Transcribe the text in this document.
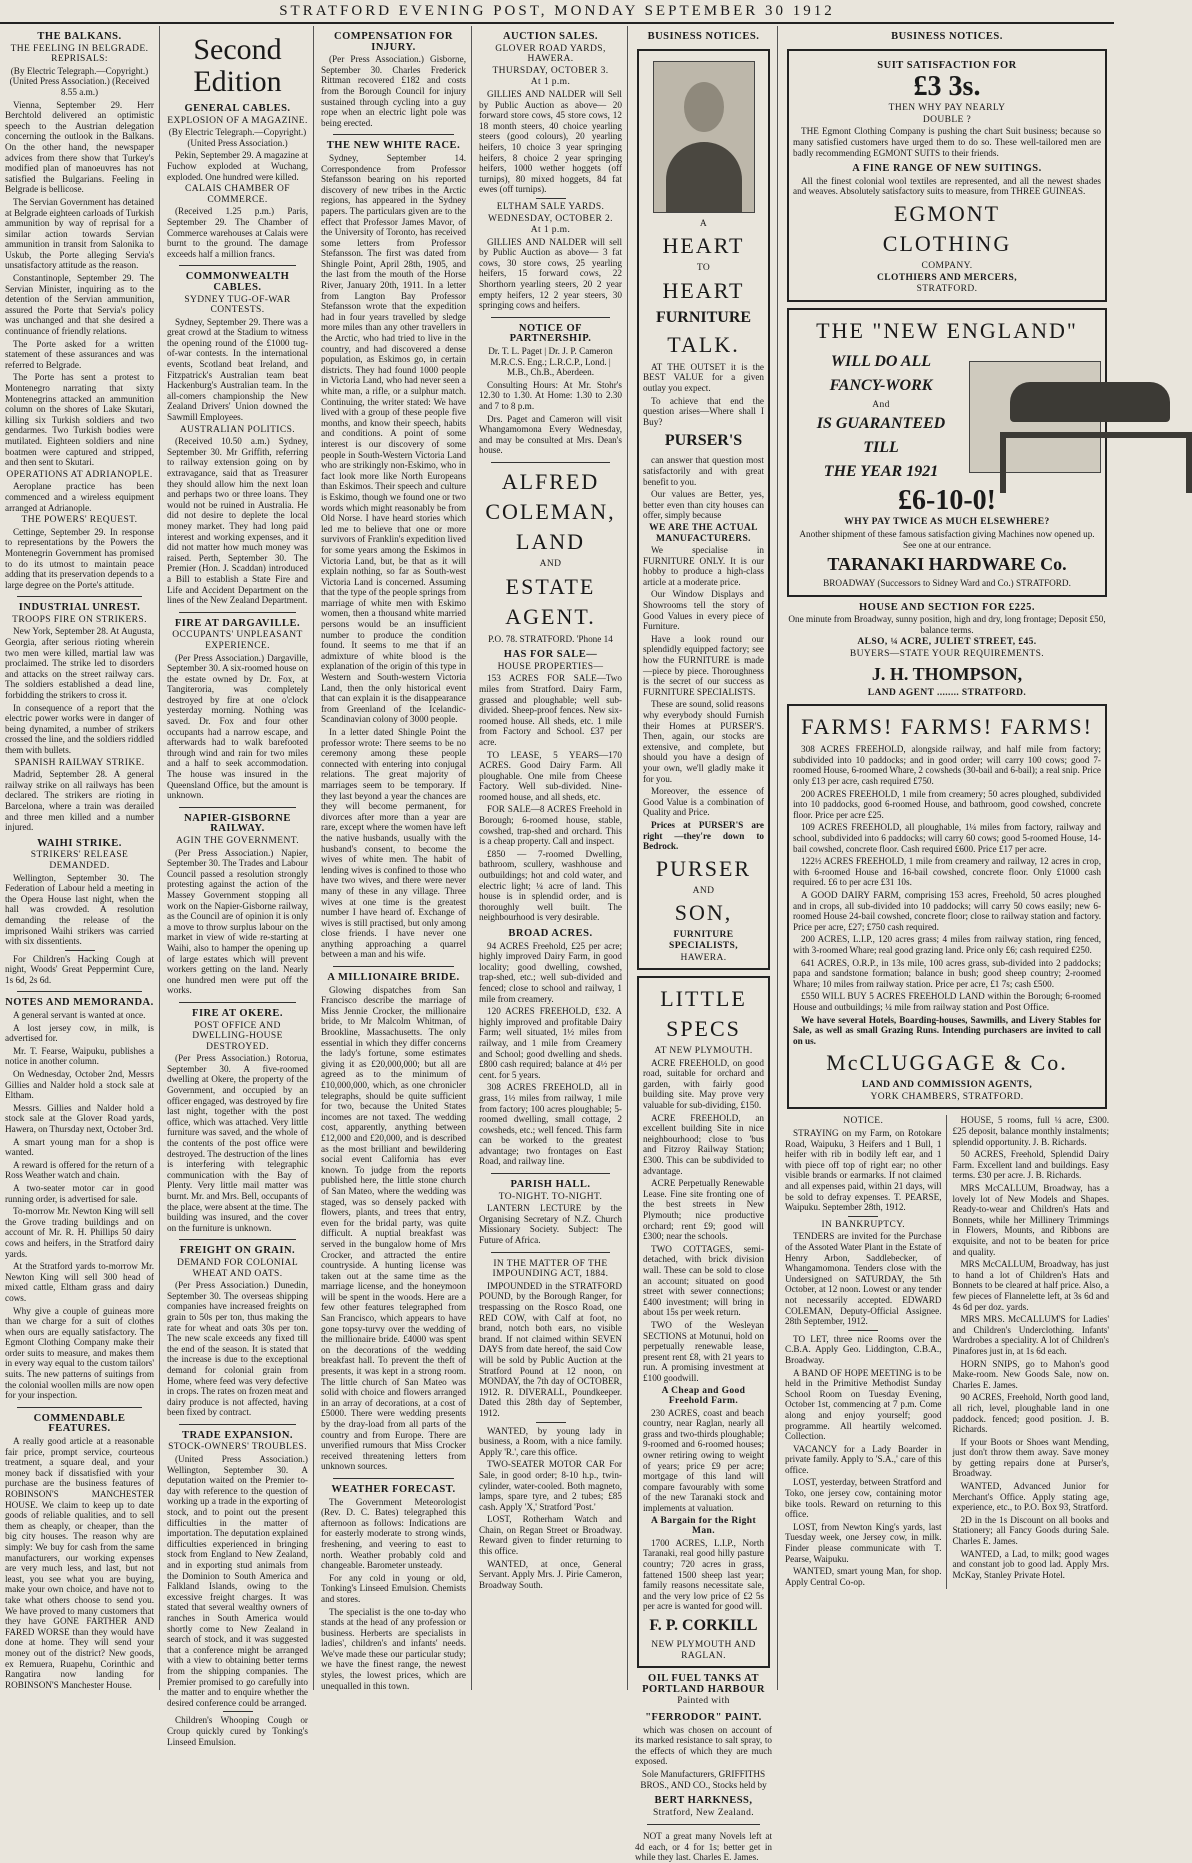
STRATFORD EVENING POST, MONDAY SEPTEMBER 30 1912
THE BALKANS.
THE FEELING IN BELGRADE. REPRISALS:

(By Electric Telegraph.—Copyright.) (United Press Association.) (Received 8.55 a.m.)

Vienna, September 29. Herr Berchtold delivered an optimistic speech to the Austrian delegation concerning the outlook in the Balkans. On the other hand, the newspaper advices from there show that Turkey's modified plan of manoeuvres has not satisfied the Bulgarians. Feeling in Belgrade is bellicose.

The Servian Government has detained at Belgrade eighteen carloads of Turkish ammunition by way of reprisal for a similar action towards Servian ammunition in transit from Salonika to Uskub, the Porte alleging Servia's unsatisfactory attitude as the reason.

Constantinople, September 29. The Servian Minister, inquiring as to the detention of the Servian ammunition, assured the Porte that Servia's policy was unchanged and that she desired a continuance of friendly relations.

The Porte asked for a written statement of these assurances and was referred to Belgrade.

The Porte has sent a protest to Montenegro narrating that sixty Montenegrins attacked an ammunition column on the shores of Lake Skutari, killing six Turkish soldiers and two gendarmes. Two Turkish bodies were mutilated. Eighteen soldiers and nine boatmen were captured and stripped, and then sent to Skutari.

OPERATIONS AT ADRIANOPLE.

Aeroplane practice has been commenced and a wireless equipment arranged at Adrianople.

THE POWERS' REQUEST.

Cettinge, September 29. In response to representations by the Powers the Montenegrin Government has promised to do its utmost to maintain peace adding that its preservation depends to a large degree on the Porte's attitude.

INDUSTRIAL UNREST.
TROOPS FIRE ON STRIKERS.

New York, September 28. At Augusta, Georgia, after serious rioting wherein two men were killed, martial law was proclaimed. The strike led to disorders and attacks on the street railway cars. The soldiers established a dead line, forbidding the strikers to cross it.

In consequence of a report that the electric power works were in danger of being dynamited, a number of strikers crossed the line, and the soldiers riddled them with bullets.

SPANISH RAILWAY STRIKE.

Madrid, September 28. A general railway strike on all railways has been declared. The strikers are rioting in Barcelona, where a train was derailed and three men killed and a number injured.

WAIHI STRIKE.
STRIKERS' RELEASE DEMANDED.

Wellington, September 30. The Federation of Labour held a meeting in the Opera House last night, when the hall was crowded. A resolution demanding the release of the imprisoned Waihi strikers was carried with six dissentients.

For Children's Hacking Cough at night, Woods' Great Peppermint Cure, 1s 6d, 2s 6d.

NOTES AND MEMORANDA.

A general servant is wanted at once.

A lost jersey cow, in milk, is advertised for.

Mr. T. Fearse, Waipuku, publishes a notice in another column.

On Wednesday, October 2nd, Messrs Gillies and Nalder hold a stock sale at Eltham.

Messrs. Gillies and Nalder hold a stock sale at the Glover Road yards, Hawera, on Thursday next, October 3rd.

A smart young man for a shop is wanted.

A reward is offered for the return of a Ross Weather watch and chain.

A two-seater motor car in good running order, is advertised for sale.

To-morrow Mr. Newton King will sell the Grove trading buildings and on account of Mr. R. H. Phillips 50 dairy cows and heifers, in the Stratford dairy yards.

At the Stratford yards to-morrow Mr. Newton King will sell 300 head of mixed cattle, Eltham grass and dairy cows.

Why give a couple of guineas more than we charge for a suit of clothes when ours are equally satisfactory. The Egmont Clothing Company make their order suits to measure, and makes them in every way equal to the custom tailors' suits. The new patterns of suitings from the colonial woollen mills are now open for your inspection.

COMMENDABLE FEATURES.

A really good article at a reasonable fair price, prompt service, courteous treatment, a square deal, and your money back if dissatisfied with your purchase are the business features of ROBINSON'S MANCHESTER HOUSE. We claim to keep up to date goods of reliable qualities, and to sell them as cheaply, or cheaper, than the big city houses. The reason why are simply: We buy for cash from the same manufacturers, our working expenses are very much less, and last, but not least, you see what you are buying, make your own choice, and have not to take what others choose to send you. We have proved to many customers that they have GONE FARTHER AND FARED WORSE than they would have done at home. They will send your money out of the district? New goods, ex Remuera, Ruapehu, Corinthic and Rangatira now landing for ROBINSON'S Manchester House.

Second Edition
GENERAL CABLES.
EXPLOSION OF A MAGAZINE.

(By Electric Telegraph.—Copyright.) (United Press Association.)

Pekin, September 29. A magazine at Fuchow exploded at Wuchang, exploded. One hundred were killed.

CALAIS CHAMBER OF COMMERCE.

(Received 1.25 p.m.) Paris, September 29. The Chamber of Commerce warehouses at Calais were burnt to the ground. The damage exceeds half a million francs.

COMMONWEALTH CABLES.
SYDNEY TUG-OF-WAR CONTESTS.

Sydney, September 29. There was a great crowd at the Stadium to witness the opening round of the £1000 tug-of-war contests. In the international events, Scotland beat Ireland, and Fitzpatrick's Australian team beat Hackenburg's Australian team. In the all-comers championship the New Zealand Drivers' Union downed the Sawmill Employees.

AUSTRALIAN POLITICS.

(Received 10.50 a.m.) Sydney, September 30. Mr Griffith, referring to railway extension going on by extravagance, said that as Treasurer they should allow him the next loan and perhaps two or three loans. They would not be ruined in Australia. He did not desire to deplete the local money market. They had long paid interest and working expenses, and it did not matter how much money was raised. Perth, September 30. The Premier (Hon. J. Scaddan) introduced a Bill to establish a State Fire and Life and Accident Department on the lines of the New Zealand Department.

FIRE AT DARGAVILLE.
OCCUPANTS' UNPLEASANT EXPERIENCE.

(Per Press Association.) Dargaville, September 30. A six-roomed house on the estate owned by Dr. Fox, at Tangiteroria, was completely destroyed by fire at one o'clock yesterday morning. Nothing was saved. Dr. Fox and four other occupants had a narrow escape, and afterwards had to walk barefooted through wind and rain for two miles and a half to seek accommodation. The house was insured in the Queensland Office, but the amount is unknown.

NAPIER-GISBORNE RAILWAY.
AGIN THE GOVERNMENT.

(Per Press Association.) Napier, September 30. The Trades and Labour Council passed a resolution strongly protesting against the action of the Massey Government stopping all work on the Napier-Gisborne railway, as the Council are of opinion it is only a move to throw surplus labour on the market in view of wide re-starting at Waihi, also to hamper the opening up of large estates which will prevent workers getting on the land. Nearly one hundred men were put off the works.

FIRE AT OKERE.
POST OFFICE AND DWELLING-HOUSE DESTROYED.

(Per Press Association.) Rotorua, September 30. A five-roomed dwelling at Okere, the property of the Government, and occupied by an officer engaged, was destroyed by fire last night, together with the post office, which was attached. Very little furniture was saved, and the whole of the contents of the post office were destroyed. The destruction of the lines is interfering with telegraphic communication with the Bay of Plenty. Very little mail matter was burnt. Mr. and Mrs. Bell, occupants of the place, were absent at the time. The building was insured, and the cover on the furniture is unknown.

FREIGHT ON GRAIN.
DEMAND FOR COLONIAL WHEAT AND OATS.

(Per Press Association.) Dunedin, September 30. The overseas shipping companies have increased freights on grain to 50s per ton, thus making the rate for wheat and oats 30s per ton. The new scale exceeds any fixed till the end of the season. It is stated that the increase is due to the exceptional demand for colonial grain from Home, where feed was very defective in crops. The rates on frozen meat and dairy produce is not affected, having been fixed by contract.

TRADE EXPANSION.
STOCK-OWNERS' TROUBLES.

(United Press Association.) Wellington, September 30. A deputation waited on the Premier to-day with reference to the question of working up a trade in the exporting of stock, and to point out the present difficulties in the matter of importation. The deputation explained difficulties experienced in bringing stock from England to New Zealand, and in exporting stud animals from the Dominion to South America and Falkland Islands, owing to the excessive freight charges. It was stated that several wealthy owners of ranches in South America would shortly come to New Zealand in search of stock, and it was suggested that a conference might be arranged with a view to obtaining better terms from the shipping companies. The Premier promised to go carefully into the matter and to enquire whether the desired conference could be arranged.

Children's Whooping Cough or Croup quickly cured by Tonking's Linseed Emulsion.

COMPENSATION FOR INJURY.

(Per Press Association.) Gisborne, September 30. Charles Frederick Rittman recovered £182 and costs from the Borough Council for injury sustained through cycling into a guy rope when an electric light pole was being erected.

THE NEW WHITE RACE.

Sydney, September 14. Correspondence from Professor Stefansson bearing on his reported discovery of new tribes in the Arctic regions, has appeared in the Sydney papers. The particulars given are to the effect that Professor James Mavor, of the University of Toronto, has received some letters from Professor Stefansson. The first was dated from Shingle Point, April 28th, 1905, and the last from the mouth of the Horse River, January 20th, 1911. In a letter from Langton Bay Professor Stefansson wrote that the expedition had in four years travelled by sledge more miles than any other travellers in the Arctic, who had tried to live in the country, and had discovered a dense population, as Eskimos go, in certain districts. They had found 1000 people in Victoria Land, who had never seen a white man, a rifle, or a sulphur match. Continuing, the writer stated: We have lived with a group of these people five months, and know their speech, habits and conditions. A point of some interest is our discovery of some people in South-Western Victoria Land who are strikingly non-Eskimo, who in fact look more like North Europeans than Eskimos. Their speech and culture is Eskimo, though we found one or two words which might reasonably be from Old Norse. I have heard stories which led me to believe that one or more survivors of Franklin's expedition lived for some years among the Eskimos in Victoria Land, but, be that as it will explain nothing, so far as South-west Victoria Land is concerned. Assuming that the type of the people springs from marriage of white men with Eskimo women, then a thousand white married persons would be an insufficient number to produce the condition found. It seems to me that if an admixture of white blood is the explanation of the origin of this type in Western and South-western Victoria Land, then the only historical event that can explain it is the disappearance from Greenland of the Icelandic-Scandinavian colony of 3000 people.

In a letter dated Shingle Point the professor wrote: There seems to be no ceremony among these people connected with entering into conjugal relations. The great majority of marriages seem to be temporary. If they last beyond a year the chances are they will become permanent, for divorces after more than a year are rare, except where the women have left the native husbands, usually with the husband's consent, to become the wives of white men. The habit of lending wives is confined to those who have two wives, and there were never many of these in any village. Three wives at one time is the greatest number I have heard of. Exchange of wives is still practised, but only among close friends. I have never one anything approaching a quarrel between a man and his wife.

A MILLIONAIRE BRIDE.

Glowing dispatches from San Francisco describe the marriage of Miss Jennie Crocker, the millionaire bride, to Mr Malcolm Whitman, of Brookline, Massachusetts. The only essential in which they differ concerns the lady's fortune, some estimates giving it as £20,000,000; but all are agreed as to the minimum of £10,000,000, which, as one chronicler telegraphs, should be quite sufficient for two, because the United States incomes are not taxed. The wedding cost, apparently, anything between £12,000 and £20,000, and is described as the most brilliant and bewildering social event California has ever known. To judge from the reports published here, the little stone church of San Mateo, where the wedding was staged, was so densely packed with flowers, plants, and trees that entry, even for the bridal party, was quite difficult. A nuptial breakfast was served in the bungalow home of Mrs Crocker, and attracted the entire countryside. A hunting license was taken out at the same time as the marriage license, and the honeymoon will be spent in the woods. Here are a few other features telegraphed from San Francisco, which appears to have gone topsy-turvy over the wedding of the millionaire bride. £4000 was spent on the decorations of the wedding breakfast hall. To prevent the theft of presents, it was kept in a strong room. The little church of San Mateo was solid with choice and flowers arranged in an array of decorations, at a cost of £5000. There were wedding presents by the dray-load from all parts of the country and from Europe. There are unverified rumours that Miss Crocker received threatening letters from unknown sources.

WEATHER FORECAST.

The Government Meteorologist (Rev. D. C. Bates) telegraphed this afternoon as follows: Indications are for easterly moderate to strong winds, freshening, and veering to east to north. Weather probably cold and changeable. Barometer unsteady.

For any cold in young or old, Tonking's Linseed Emulsion. Chemists and stores.

The specialist is the one to-day who stands at the head of any profession or business. Herberts are specialists in ladies', children's and infants' needs. We've made these our particular study; we have the finest range, the newest styles, the lowest prices, which are unequalled in this town.

AUCTION SALES.
GLOVER ROAD YARDS, HAWERA.
THURSDAY, OCTOBER 3.
At 1 p.m.

GILLIES AND NALDER will Sell by Public Auction as above— 20 forward store cows, 45 store cows, 12 18 month steers, 40 choice yearling steers (good colours), 20 yearling heifers, 10 choice 3 year springing heifers, 8 choice 2 year springing heifers, 1000 wether hoggets (off turnips), 80 mixed hoggets, 84 fat ewes (off turnips).

ELTHAM SALE YARDS.
WEDNESDAY, OCTOBER 2.
At 1 p.m.

GILLIES AND NALDER will sell by Public Auction as above— 3 fat cows, 30 store cows, 25 yearling heifers, 15 forward cows, 22 Shorthorn yearling steers, 20 2 year empty heifers, 12 2 year steers, 30 springing cows and heifers.

NOTICE OF PARTNERSHIP.

Dr. T. L. Paget | Dr. J. P. Cameron M.R.C.S. Eng.; L.R.C.P., Lond. | M.B., Ch.B., Aberdeen.

Consulting Hours: At Mr. Stohr's 12.30 to 1.30. At Home: 1.30 to 2.30 and 7 to 8 p.m.

Drs. Paget and Cameron will visit Whangamomona Every Wednesday, and may be consulted at Mrs. Dean's house.

ALFRED
COLEMAN,
LAND
AND
ESTATE
AGENT.

P.O. 78. STRATFORD. 'Phone 14

HAS FOR SALE—
HOUSE PROPERTIES—

153 ACRES FOR SALE—Two miles from Stratford. Dairy Farm, grassed and ploughable; well sub-divided. Sheep-proof fences. New six-roomed house. All sheds, etc. 1 mile from Factory and School. £37 per acre.

TO LEASE, 5 YEARS—170 ACRES. Good Dairy Farm. All ploughable. One mile from Cheese Factory. Well sub-divided. Nine-roomed house, and all sheds, etc.

FOR SALE—8 ACRES Freehold in Borough; 6-roomed house, stable, cowshed, trap-shed and orchard. This is a cheap property. Call and inspect.

£850 — 7-roomed Dwelling, bathroom, scullery, washhouse and outbuildings; hot and cold water, and electric light; ¼ acre of land. This house is in splendid order, and is thoroughly well built. The neighbourhood is very desirable.

BROAD ACRES.

94 ACRES Freehold, £25 per acre; highly improved Dairy Farm, in good locality; good dwelling, cowshed, trap-shed, etc.; well sub-divided and fenced; close to school and railway, 1 mile from creamery.

120 ACRES FREEHOLD, £32. A highly improved and profitable Dairy Farm; well situated, 1½ miles from railway, and 1 mile from Creamery and School; good dwelling and sheds. £800 cash required; balance at 4½ per cent. for 5 years.

308 ACRES FREEHOLD, all in grass, 1½ miles from railway, 1 mile from factory; 100 acres ploughable; 5-roomed dwelling, small cottage, 2 cowsheds, etc.; well fenced. This farm can be worked to the greatest advantage; two frontages on East Road, and railway line.

PARISH HALL.
TO-NIGHT. TO-NIGHT.

LANTERN LECTURE by the Organising Secretary of N.Z. Church Missionary Society. Subject: The Future of Africa.

IN THE MATTER OF THE IMPOUNDING ACT, 1884.

IMPOUNDED in the STRATFORD POUND, by the Borough Ranger, for trespassing on the Rosco Road, one RED COW, with Calf at foot, no brand, notch both ears, no visible brand. If not claimed within SEVEN DAYS from date hereof, the said Cow will be sold by Public Auction at the Stratford Pound at 12 noon, on MONDAY, the 7th day of OCTOBER, 1912. R. DIVERALL, Poundkeeper. Dated this 28th day of September, 1912.

WANTED, by young lady in business, a Room, with a nice family. Apply 'R.', care this office.

TWO-SEATER MOTOR CAR For Sale, in good order; 8-10 h.p., twin-cylinder, water-cooled. Both magneto, lamps, spare tyre, and 2 tubes; £85 cash. Apply 'X,' Stratford 'Post.'

LOST, Rotherham Watch and Chain, on Regan Street or Broadway. Reward given to finder returning to this office.

WANTED, at once, General Servant. Apply Mrs. J. Pirie Cameron, Broadway South.

BUSINESS NOTICES.
A
HEART
TO
HEART
FURNITURE
TALK.

AT THE OUTSET it is the BEST VALUE for a given outlay you expect.

To achieve that end the question arises—Where shall I Buy?

PURSER'S

can answer that question most satisfactorily and with great benefit to you.

Our values are Better, yes, better even than city houses can offer, simply because

WE ARE THE ACTUAL MANUFACTURERS.

We specialise in FURNITURE ONLY. It is our hobby to produce a high-class article at a moderate price.

Our Window Displays and Showrooms tell the story of Good Values in every piece of Furniture.

Have a look round our splendidly equipped factory; see how the FURNITURE is made —piece by piece. Thoroughness is the secret of our success as FURNITURE SPECIALISTS.

These are sound, solid reasons why everybody should Furnish their Homes at PURSER'S. Then, again, our stocks are extensive, and complete, but should you have a design of your own, we'll gladly make it for you.

Moreover, the essence of Good Value is a combination of Quality and Price.

Prices at PURSER'S are right —they're down to Bedrock.

PURSER
AND
SON,
FURNITURE SPECIALISTS,
HAWERA.
LITTLE
SPECS
AT NEW PLYMOUTH.

ACRE FREEHOLD, on good road, suitable for orchard and garden, with fairly good building site. May prove very valuable for sub-dividing, £150.

ACRE FREEHOLD, an excellent building Site in nice neighbourhood; close to 'bus and Fitzroy Railway Station; £300. This can be subdivided to advantage.

ACRE Perpetually Renewable Lease. Fine site fronting one of the best streets in New Plymouth; nice productive orchard; rent £9; good will £300; near the schools.

TWO COTTAGES, semi-detached, with brick division wall. These can be sold to close an account; situated on good street with sewer connections; £400 investment; will bring in about 15s per week return.

TWO of the Wesleyan SECTIONS at Motunui, hold on perpetually renewable lease, present rent £8, with 21 years to run. A promising investment at £100 goodwill.

A Cheap and Good Freehold Farm.

230 ACRES, coast and beach country, near Raglan, nearly all grass and two-thirds ploughable; 9-roomed and 6-roomed houses; owner retiring owing to weight of years; price £9 per acre; mortgage of this land will compare favourably with some of the new Taranaki stock and implements at valuation.

A Bargain for the Right Man.

1700 ACRES, L.I.P., North Taranaki, real good hilly pasture country; 720 acres in grass, fattened 1500 sheep last year; family reasons necessitate sale, and the very low price of £2 5s per acre is wanted for good will.

F. P. CORKILL
NEW PLYMOUTH AND RAGLAN.
OIL FUEL TANKS AT PORTLAND HARBOUR
Painted with
"FERRODOR" PAINT.

which was chosen on account of its marked resistance to salt spray, to the effects of which they are much exposed.

Sole Manufacturers, GRIFFITHS BROS., AND CO., Stocks held by

BERT HARKNESS,
Stratford, New Zealand.

NOT a great many Novels left at 4d each, or 4 for 1s; better get in while they last. Charles E. James.

BUSINESS NOTICES.
SUIT SATISFACTION FOR
£3 3s.
THEN WHY PAY NEARLY
DOUBLE ?

THE Egmont Clothing Company is pushing the chart Suit business; because so many satisfied customers have urged them to do so. These well-tailored men are badly recommending EGMONT SUITS to their friends.

A FINE RANGE OF NEW SUITINGS.

All the finest colonial wool textiles are represented, and all the newest shades and weaves. Absolutely satisfactory suits to measure, from THREE GUINEAS.

EGMONT
CLOTHING
COMPANY.
CLOTHIERS AND MERCERS,
STRATFORD.
THE "NEW ENGLAND"
WILL DO ALL
FANCY-WORK
And
IS GUARANTEED
TILL
THE YEAR 1921
£6-10-0!
WHY PAY TWICE AS MUCH ELSEWHERE?

Another shipment of these famous satisfaction giving Machines now opened up. See one at our entrance.

TARANAKI HARDWARE Co.

BROADWAY (Successors to Sidney Ward and Co.) STRATFORD.

HOUSE AND SECTION FOR £225.

One minute from Broadway, sunny position, high and dry, long frontage; Deposit £50, balance terms.

ALSO, ¼ ACRE, JULIET STREET, £45.
BUYERS—STATE YOUR REQUIREMENTS.
J. H. THOMPSON,
LAND AGENT ........ STRATFORD.
FARMS! FARMS! FARMS!

308 ACRES FREEHOLD, alongside railway, and half mile from factory; subdivided into 10 paddocks; and in good order; will carry 100 cows; good 7-roomed House, 6-roomed Whare, 2 cowsheds (30-bail and 6-bail); a real snip. Price only £13 per acre, cash required £750.

200 ACRES FREEHOLD, 1 mile from creamery; 50 acres ploughed, subdivided into 10 paddocks, good 6-roomed House, and bathroom, good cowshed, concrete floor. Price per acre £25.

109 ACRES FREEHOLD, all ploughable, 1¼ miles from factory, railway and school, subdivided into 6 paddocks; will carry 60 cows; good 5-roomed House, 14-bail cowshed, concrete floor. Cash required £600. Price £17 per acre.

122½ ACRES FREEHOLD, 1 mile from creamery and railway, 12 acres in crop, with 6-roomed House and 16-bail cowshed, concrete floor. Only £1000 cash required. £6 to per acre £31 10s.

A GOOD DAIRY FARM, comprising 153 acres, Freehold, 50 acres ploughed and in crops, all sub-divided into 10 paddocks; will carry 50 cows easily; new 6-roomed House 24-bail cowshed, concrete floor; close to railway station and factory. Price per acre, £27; £750 cash required.

200 ACRES, L.I.P., 120 acres grass; 4 miles from railway station, ring fenced, with 3-roomed Whare; real good grazing land. Price only £6; cash required £250.

641 ACRES, O.R.P., in 13s mile, 100 acres grass, sub-divided into 2 paddocks; papa and sandstone formation; balance in bush; good sheep country; 2-roomed Whare; 10 miles from railway station. Price per acre, £1 7s; cash £500.

£550 WILL BUY 5 ACRES FREEHOLD LAND within the Borough; 6-roomed House and outbuildings; ¼ mile from railway station and Post Office.

We have several Hotels, Boarding-houses, Sawmills, and Livery Stables for Sale, as well as small Grazing Runs. Intending purchasers are invited to call on us.

McCLUGGAGE & Co.
LAND AND COMMISSION AGENTS,
YORK CHAMBERS, STRATFORD.
NOTICE.

STRAYING on my Farm, on Rotokare Road, Waipuku, 3 Heifers and 1 Bull, 1 heifer with rib in bodily left ear, and 1 with piece off top of right ear; no other visible brands or earmarks. If not claimed and all expenses paid, within 21 days, will be sold to defray expenses. T. PEARSE, Waipuku. September 28th, 1912.

IN BANKRUPTCY.

TENDERS are invited for the Purchase of the Assoted Water Plant in the Estate of Henry Arbon, Saddlebecker, of Whangamomona. Tenders close with the Undersigned on SATURDAY, the 5th October, at 12 noon. Lowest or any tender not necessarily accepted. EDWARD COLEMAN, Deputy-Official Assignee. 28th September, 1912.

TO LET, three nice Rooms over the C.B.A. Apply Geo. Liddington, C.B.A., Broadway.

A BAND OF HOPE MEETING is to be held in the Primitive Methodist Sunday School Room on Tuesday Evening, October 1st, commencing at 7 p.m. Come along and enjoy yourself; good programme. All heartily welcomed. Collection.

VACANCY for a Lady Boarder in private family. Apply to 'S.A.,' care of this office.

LOST, yesterday, between Stratford and Toko, one jersey cow, containing motor bike tools. Reward on returning to this office.

LOST, from Newton King's yards, last Tuesday week, one Jersey cow, in milk. Finder please communicate with T. Pearse, Waipuku.

WANTED, smart young Man, for shop. Apply Central Co-op.

HOUSE, 5 rooms, full ¼ acre, £300. £25 deposit, balance monthly instalments; splendid opportunity. J. B. Richards.

50 ACRES, Freehold, Splendid Dairy Farm. Excellent land and buildings. Easy terms. £30 per acre. J. B. Richards.

MRS McCALLUM, Broadway, has a lovely lot of New Models and Shapes. Ready-to-wear and Children's Hats and Bonnets, while her Millinery Trimmings in Flowers, Mounts, and Ribbons are exquisite, and not to be beaten for price and quality.

MRS McCALLUM, Broadway, has just to hand a lot of Children's Hats and Bonnets to be cleared at half price. Also, a few pieces of Flannelette left, at 3s 6d and 4s 6d per doz. yards.

MRS MRS. McCALLUM'S for Ladies' and Children's Underclothing. Infants' Wardrobes a speciality. A lot of Children's Pinafores just in, at 1s 6d each.

HORN SNIPS, go to Mahon's good Make-room. New Goods Sale, now on. Charles E. James.

90 ACRES, Freehold, North good land, all rich, level, ploughable land in one paddock. fenced; good position. J. B. Richards.

If your Boots or Shoes want Mending, just don't throw them away. Save money by getting repairs done at Purser's, Broadway.

WANTED, Advanced Junior for Merchant's Office. Apply stating age, experience, etc., to P.O. Box 93, Stratford.

2D in the 1s Discount on all books and Stationery; all Fancy Goods during Sale. Charles E. James.

WANTED, a Lad, to milk; good wages and constant job to good lad. Apply Mrs. McKay, Stanley Private Hotel.
